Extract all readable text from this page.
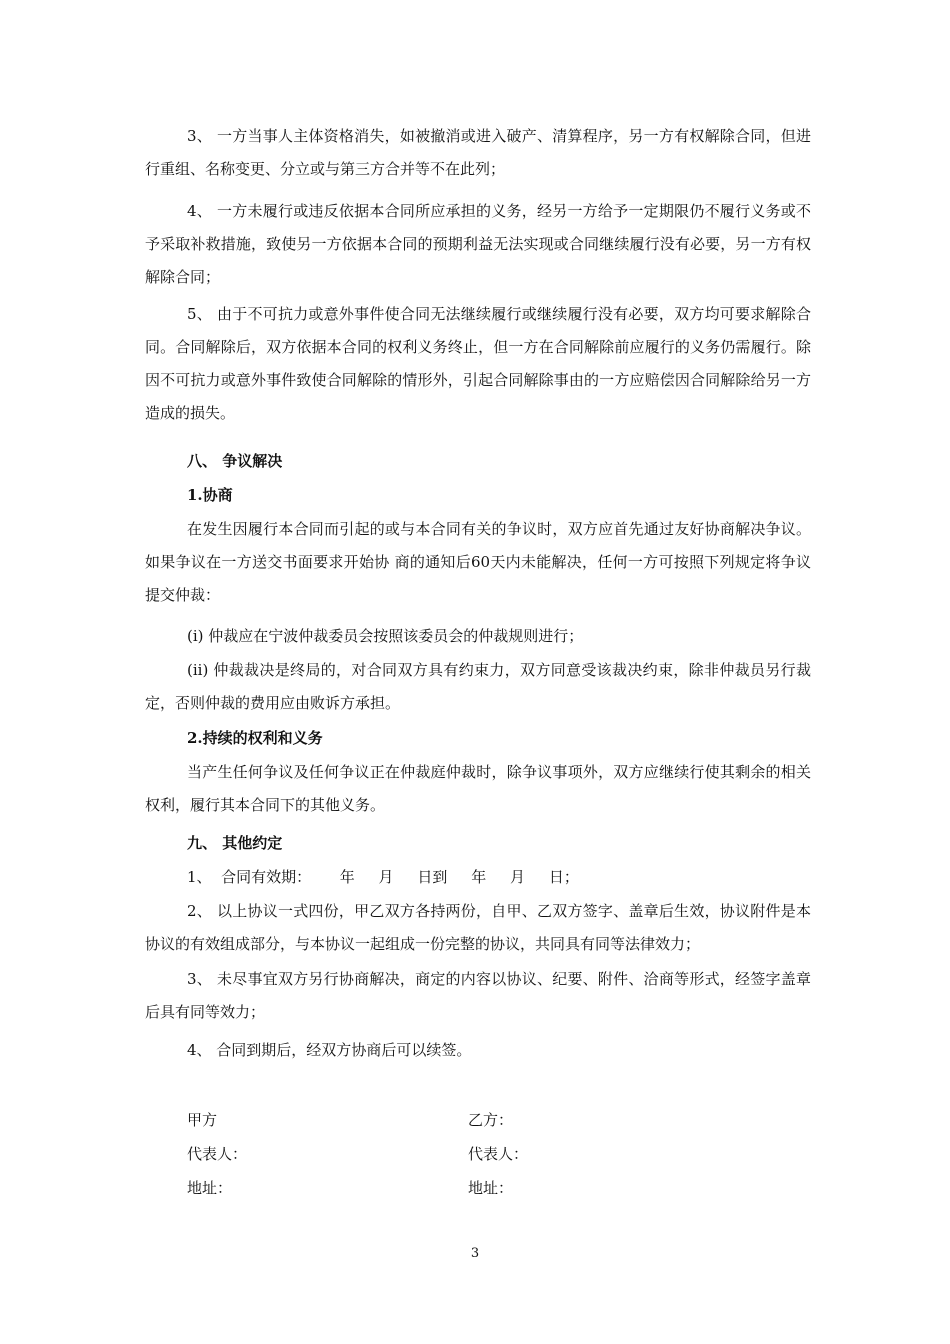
3、 一方当事人主体资格消失，如被撤消或进入破产、清算程序，另一方有权解除合同，但进行重组、名称变更、分立或与第三方合并等不在此列；

4、 一方未履行或违反依据本合同所应承担的义务，经另一方给予一定期限仍不履行义务或不予采取补救措施，致使另一方依据本合同的预期利益无法实现或合同继续履行没有必要，另一方有权解除合同；

5、 由于不可抗力或意外事件使合同无法继续履行或继续履行没有必要，双方均可要求解除合同。合同解除后，双方依据本合同的权利义务终止，但一方在合同解除前应履行的义务仍需履行。除因不可抗力或意外事件致使合同解除的情形外，引起合同解除事由的一方应赔偿因合同解除给另一方造成的损失。

八、 争议解决

1.协商

在发生因履行本合同而引起的或与本合同有关的争议时，双方应首先通过友好协商解决争议。如果争议在一方送交书面要求开始协 商的通知后60天内未能解决，任何一方可按照下列规定将争议提交仲裁：

(i) 仲裁应在宁波仲裁委员会按照该委员会的仲裁规则进行；

(ii) 仲裁裁决是终局的，对合同双方具有约束力，双方同意受该裁决约束，除非仲裁员另行裁定，否则仲裁的费用应由败诉方承担。

2.持续的权利和义务

当产生任何争议及任何争议正在仲裁庭仲裁时，除争议事项外，双方应继续行使其剩余的相关权利，履行其本合同下的其他义务。

九、 其他约定

1、  合同有效期：      年     月     日到     年     月     日；

2、 以上协议一式四份，甲乙双方各持两份，自甲、乙双方签字、盖章后生效，协议附件是本协议的有效组成部分，与本协议一起组成一份完整的协议，共同具有同等法律效力；

3、 未尽事宜双方另行协商解决，商定的内容以协议、纪要、附件、洽商等形式，经签字盖章后具有同等效力；

4、 合同到期后，经双方协商后可以续签。

甲方	乙方：

代表人：	代表人：

地址：	地址：

3
